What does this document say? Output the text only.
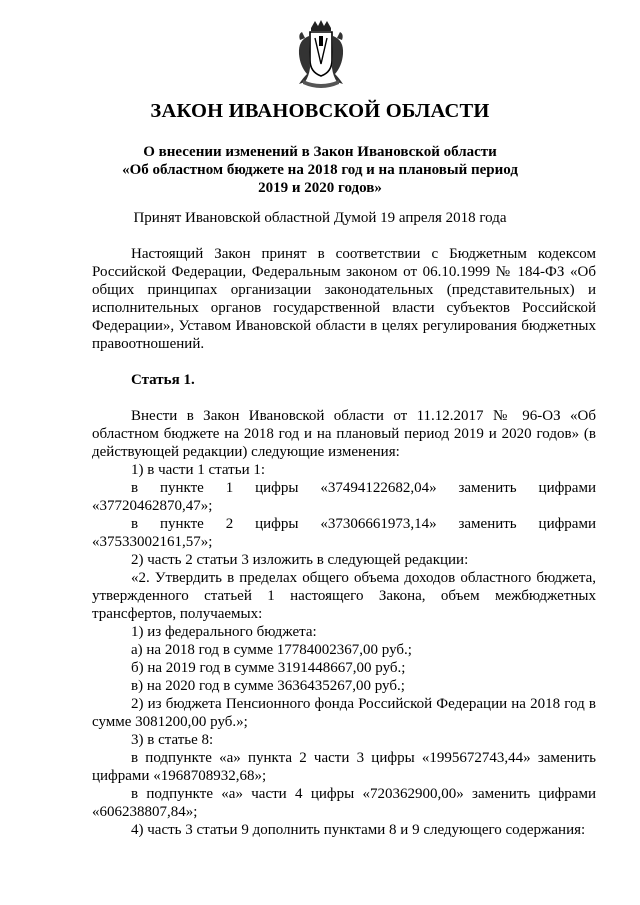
ЗАКОН ИВАНОВСКОЙ ОБЛАСТИ
О внесении изменений в Закон Ивановской области
«Об областном бюджете на 2018 год и на плановый период
2019 и 2020 годов»
Принят Ивановской областной Думой 19 апреля 2018 года

Настоящий Закон принят в соответствии с Бюджетным кодексом Российской Федерации, Федеральным законом от 06.10.1999 № 184-ФЗ «Об общих принципах организации законодательных (представительных) и исполнительных органов государственной власти субъектов Российской Федерации», Уставом Ивановской области в целях регулирования бюджетных правоотношений.

Статья 1.

Внести в Закон Ивановской области от 11.12.2017 № 96-ОЗ «Об областном бюджете на 2018 год и на плановый период 2019 и 2020 годов» (в действующей редакции) следующие изменения:

1) в части 1 статьи 1:

в пункте 1 цифры «37494122682,04» заменить цифрами «37720462870,47»;

в пункте 2 цифры «37306661973,14» заменить цифрами «37533002161,57»;

2) часть 2 статьи 3 изложить в следующей редакции:

«2. Утвердить в пределах общего объема доходов областного бюджета, утвержденного статьей 1 настоящего Закона, объем межбюджетных трансфертов, получаемых:

1) из федерального бюджета:

а) на 2018 год в сумме 17784002367,00 руб.;

б) на 2019 год в сумме 3191448667,00 руб.;

в) на 2020 год в сумме 3636435267,00 руб.;

2) из бюджета Пенсионного фонда Российской Федерации на 2018 год в сумме 3081200,00 руб.»;

3) в статье 8:

в подпункте «а» пункта 2 части 3 цифры «1995672743,44» заменить цифрами «1968708932,68»;

в подпункте «а» части 4 цифры «720362900,00» заменить цифрами «606238807,84»;

4) часть 3 статьи 9 дополнить пунктами 8 и 9 следующего содержания:
